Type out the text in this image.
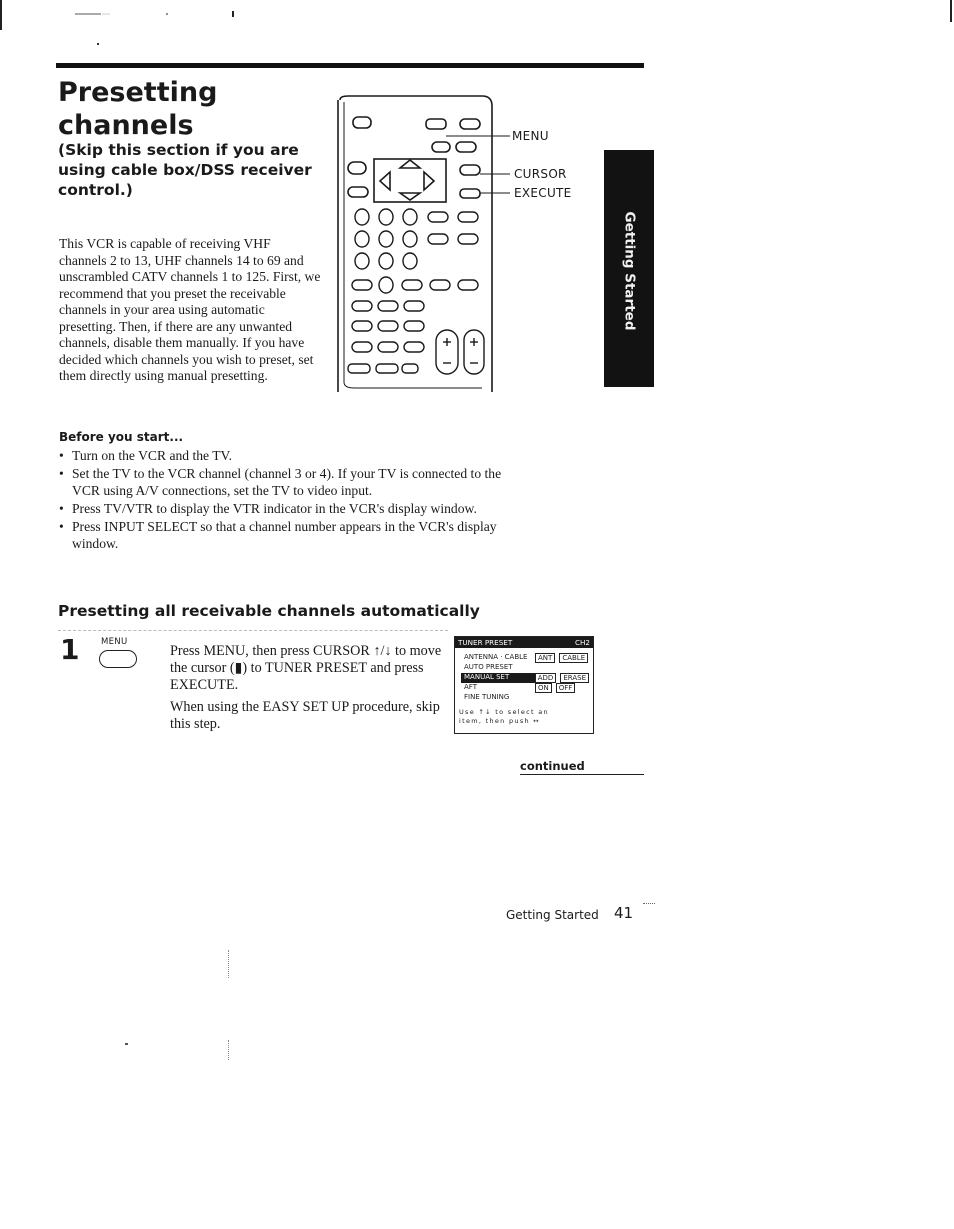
Presetting
channels

(Skip this section if you are using cable box/DSS receiver control.)

This VCR is capable of receiving VHF channels 2 to 13, UHF channels 14 to 69 and unscrambled CATV channels 1 to 125. First, we recommend that you preset the receivable channels in your area using automatic presetting. Then, if there are any unwanted channels, disable them manually. If you have decided which channels you wish to preset, set them directly using manual presetting.

MENU
CURSOR
EXECUTE
Getting Started
Before you start...
• Turn on the VCR and the TV.
• Set the TV to the VCR channel (channel 3 or 4). If your TV is connected to the VCR using A/V connections, set the TV to video input.
• Press TV/VTR to display the VTR indicator in the VCR's display window.
• Press INPUT SELECT so that a channel number appears in the VCR's display window.
Presetting all receivable channels automatically
1	MENU

Press MENU, then press CURSOR ↑/↓ to move the cursor (▮) to TUNER PRESET and press EXECUTE.

When using the EASY SET UP procedure, skip this step.

TUNER PRESET	CH2
ANTENNA · CABLE	ANT	CABLE
AUTO PRESET
MANUAL SET	ADD	ERASE
AFT	ON	OFF
FINE TUNING
Use ↑↓ to select an
item, then push ↔
continued
Getting Started 41
